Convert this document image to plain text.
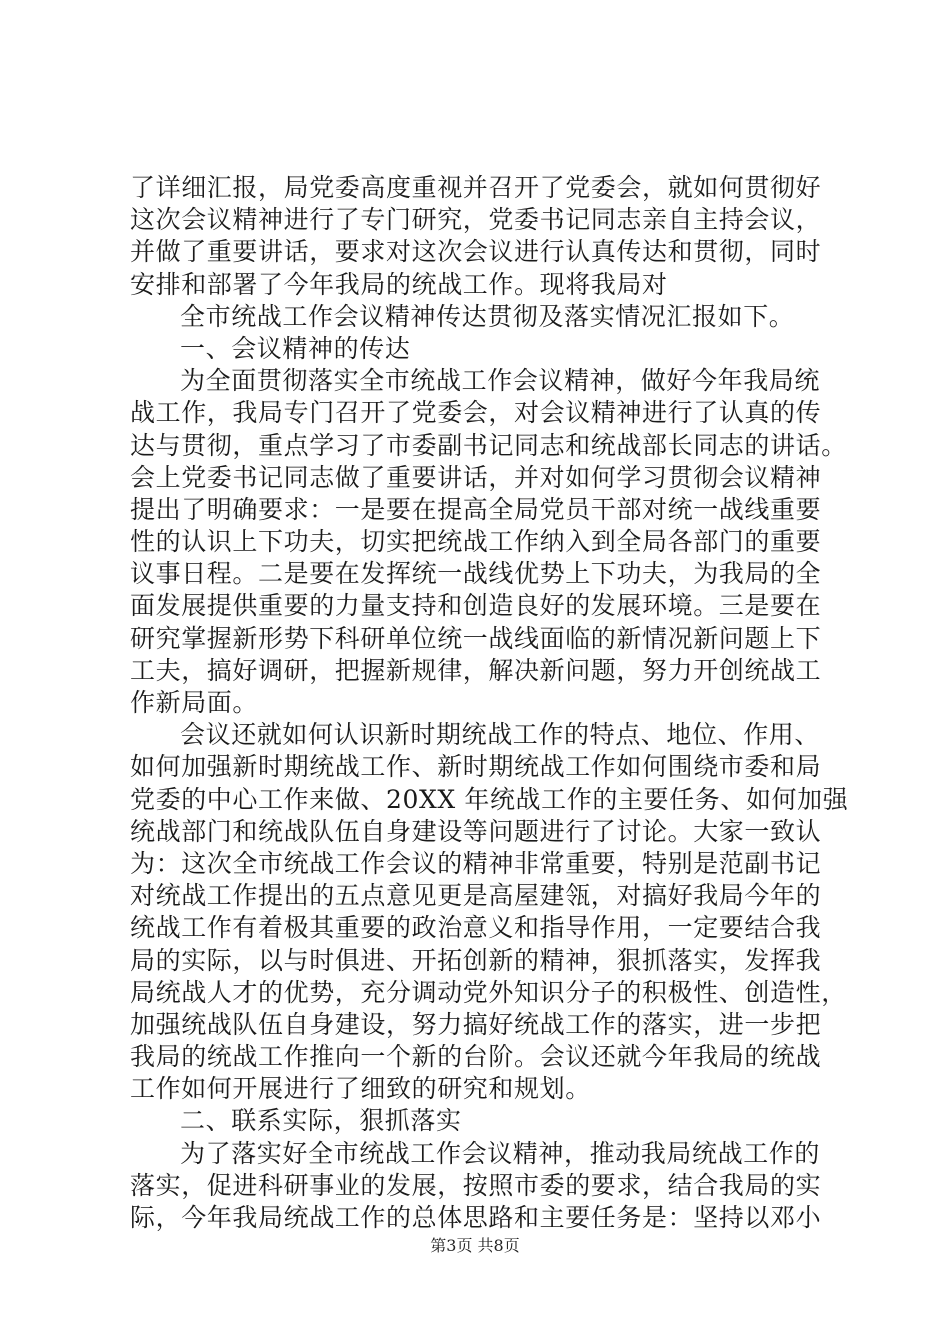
了详细汇报，局党委高度重视并召开了党委会，就如何贯彻好
这次会议精神进行了专门研究，党委书记同志亲自主持会议，
并做了重要讲话，要求对这次会议进行认真传达和贯彻，同时
安排和部署了今年我局的统战工作。现将我局对
全市统战工作会议精神传达贯彻及落实情况汇报如下。
一、会议精神的传达
为全面贯彻落实全市统战工作会议精神，做好今年我局统
战工作，我局专门召开了党委会，对会议精神进行了认真的传
达与贯彻，重点学习了市委副书记同志和统战部长同志的讲话。
会上党委书记同志做了重要讲话，并对如何学习贯彻会议精神
提出了明确要求：一是要在提高全局党员干部对统一战线重要
性的认识上下功夫，切实把统战工作纳入到全局各部门的重要
议事日程。二是要在发挥统一战线优势上下功夫，为我局的全
面发展提供重要的力量支持和创造良好的发展环境。三是要在
研究掌握新形势下科研单位统一战线面临的新情况新问题上下
工夫，搞好调研，把握新规律，解决新问题，努力开创统战工
作新局面。
会议还就如何认识新时期统战工作的特点、地位、作用、
如何加强新时期统战工作、新时期统战工作如何围绕市委和局
党委的中心工作来做、20XX 年统战工作的主要任务、如何加强
统战部门和统战队伍自身建设等问题进行了讨论。大家一致认
为：这次全市统战工作会议的精神非常重要，特别是范副书记
对统战工作提出的五点意见更是高屋建瓴，对搞好我局今年的
统战工作有着极其重要的政治意义和指导作用，一定要结合我
局的实际，以与时俱进、开拓创新的精神，狠抓落实，发挥我
局统战人才的优势，充分调动党外知识分子的积极性、创造性，
加强统战队伍自身建设，努力搞好统战工作的落实，进一步把
我局的统战工作推向一个新的台阶。会议还就今年我局的统战
工作如何开展进行了细致的研究和规划。
二、联系实际，狠抓落实
为了落实好全市统战工作会议精神，推动我局统战工作的
落实，促进科研事业的发展，按照市委的要求，结合我局的实
际，今年我局统战工作的总体思路和主要任务是：坚持以邓小
第3页 共8页
